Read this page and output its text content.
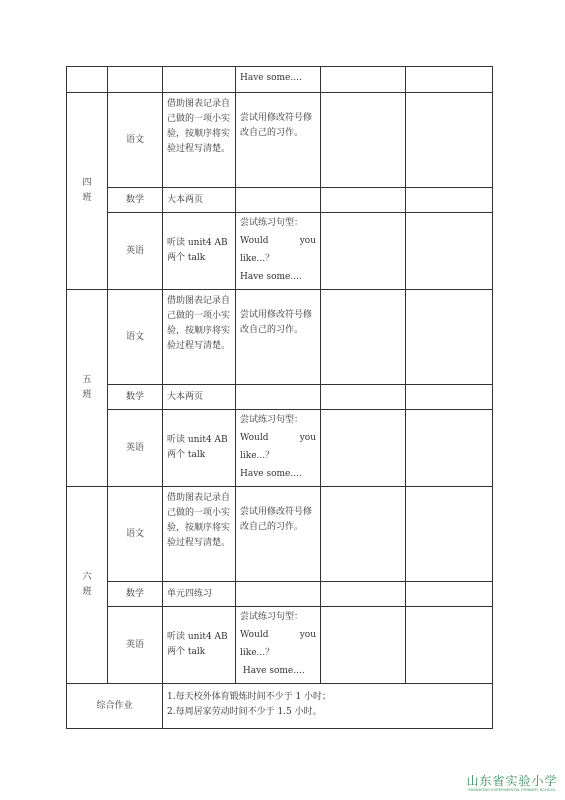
			Have some....		
四
班	语文	借助图表记录自己做的一项小实验，按顺序将实验过程写清楚。	尝试用修改符号修改自己的习作。		

	数学	大本两页			
	英语	听读 unit4 AB 两个 talk	尝试练习句型：
Would you
like...？
Have some....		

五
班	语文	借助图表记录自己做的一项小实验，按顺序将实验过程写清楚。	尝试用修改符号修改自己的习作。		

	数学	大本两页			
	英语	听读 unit4 AB 两个 talk	尝试练习句型：
Would you
like...？
Have some....		

六
班	语文	借助图表记录自己做的一项小实验，按顺序将实验过程写清楚。	尝试用修改符号修改自己的习作。		

	数学	单元四练习			
	英语	听读 unit4 AB 两个 talk	尝试练习句型：
Would you
like...？
Have some....		

综合作业		1.每天校外体育锻炼时间不少于 1 小时；
2.每周居家劳动时间不少于 1.5 小时。			
山东省实验小学
SHANDONG EXPERIMENTAL PRIMARY SCHOOL
